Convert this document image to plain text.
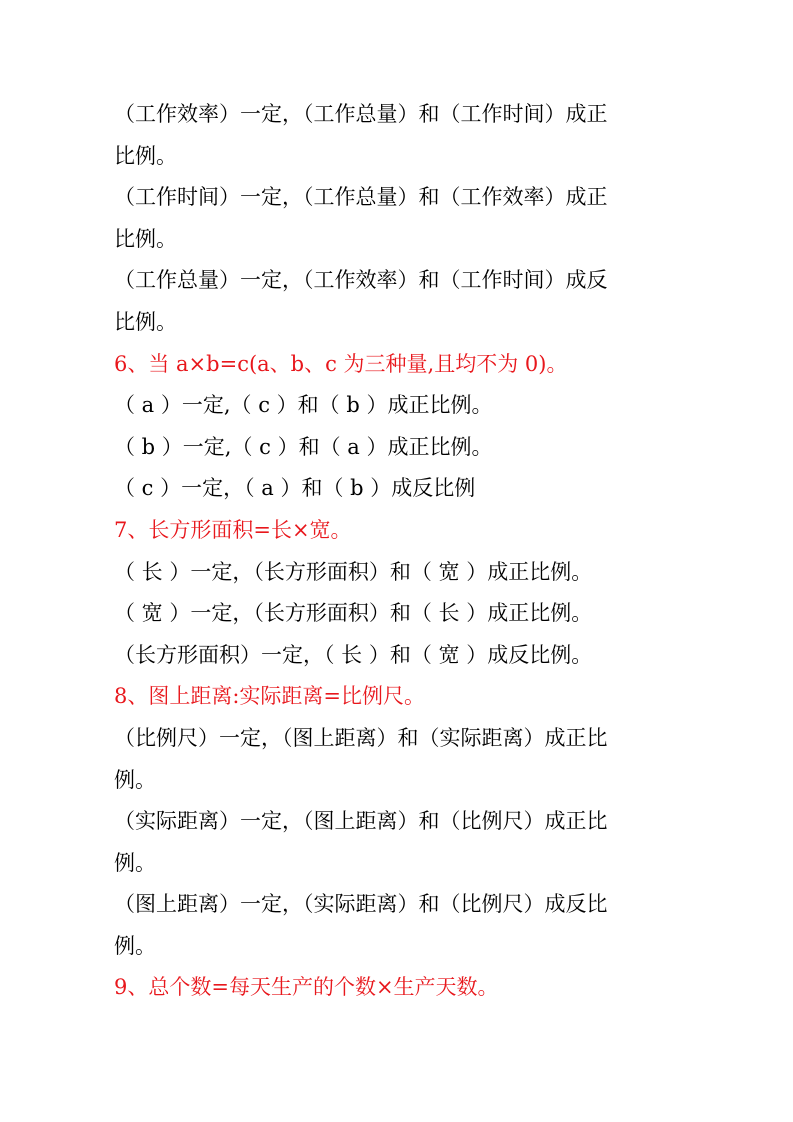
（工作效率）一定，（工作总量）和（工作时间）成正
比例。
（工作时间）一定，（工作总量）和（工作效率）成正
比例。
（工作总量）一定，（工作效率）和（工作时间）成反
比例。
6、当 a×b=c(a、b、c 为三种量,且均不为 0)。
（ a ）一定,（ c ）和（ b ）成正比例。
（ b ）一定,（ c ）和（ a ）成正比例。
（ c ）一定，（ a ）和（ b ）成反比例
7、长方形面积=长×宽。
（ 长 ）一定，（长方形面积）和（ 宽 ）成正比例。
（ 宽 ）一定，（长方形面积）和（ 长 ）成正比例。
（长方形面积）一定，（ 长 ）和（ 宽 ）成反比例。
8、图上距离:实际距离=比例尺。
（比例尺）一定，（图上距离）和（实际距离）成正比
例。
（实际距离）一定，（图上距离）和（比例尺）成正比
例。
（图上距离）一定，（实际距离）和（比例尺）成反比
例。
9、总个数=每天生产的个数×生产天数。
